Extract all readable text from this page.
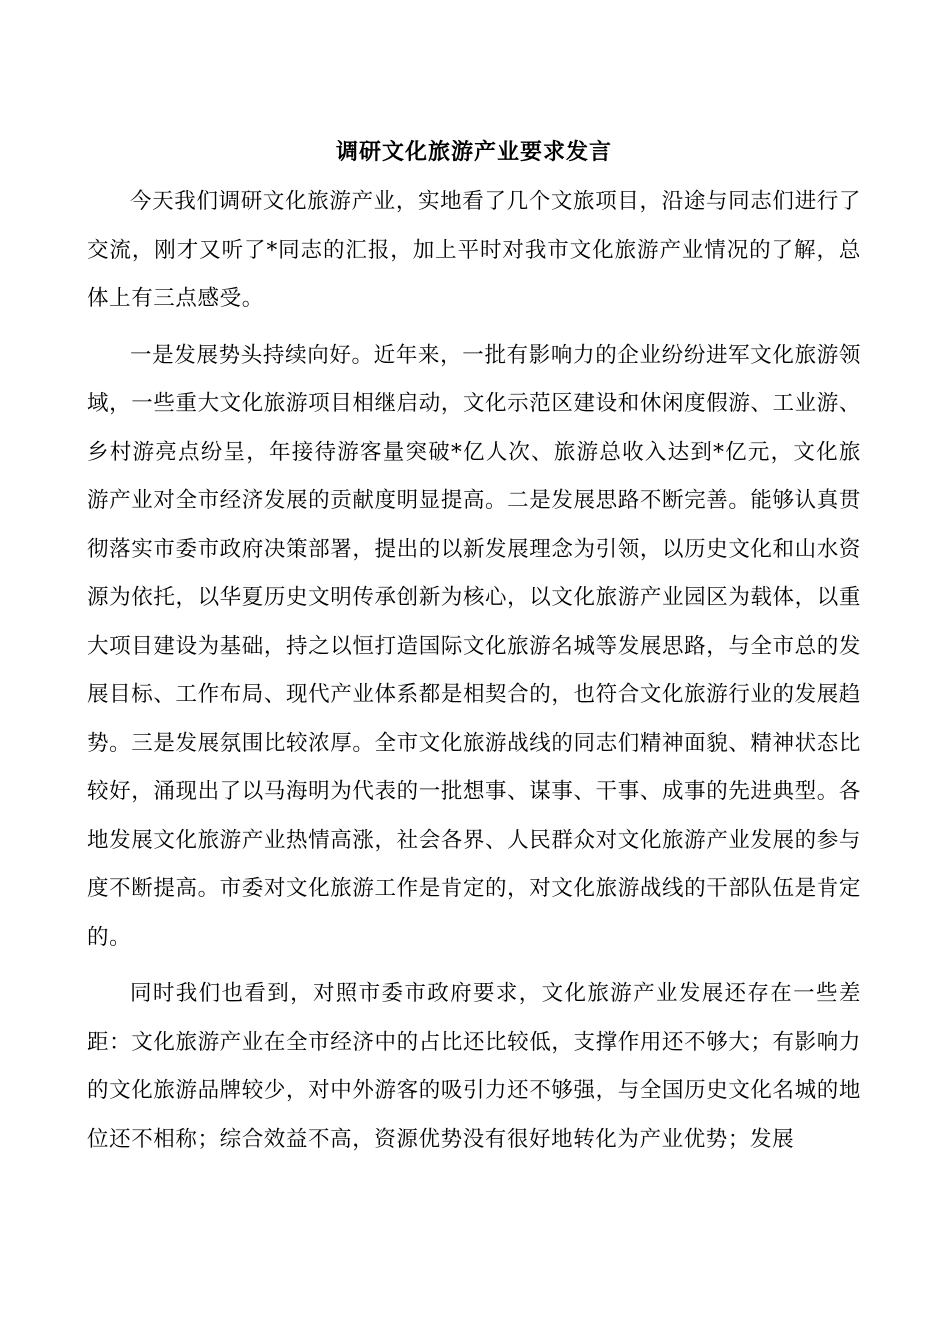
调研文化旅游产业要求发言

今天我们调研文化旅游产业，实地看了几个文旅项目，沿途与同志们进行了交流，刚才又听了*同志的汇报，加上平时对我市文化旅游产业情况的了解，总体上有三点感受。

一是发展势头持续向好。近年来，一批有影响力的企业纷纷进军文化旅游领域，一些重大文化旅游项目相继启动，文化示范区建设和休闲度假游、工业游、乡村游亮点纷呈，年接待游客量突破*亿人次、旅游总收入达到*亿元，文化旅游产业对全市经济发展的贡献度明显提高。二是发展思路不断完善。能够认真贯彻落实市委市政府决策部署，提出的以新发展理念为引领，以历史文化和山水资源为依托，以华夏历史文明传承创新为核心，以文化旅游产业园区为载体，以重大项目建设为基础，持之以恒打造国际文化旅游名城等发展思路，与全市总的发展目标、工作布局、现代产业体系都是相契合的，也符合文化旅游行业的发展趋势。三是发展氛围比较浓厚。全市文化旅游战线的同志们精神面貌、精神状态比较好，涌现出了以马海明为代表的一批想事、谋事、干事、成事的先进典型。各地发展文化旅游产业热情高涨，社会各界、人民群众对文化旅游产业发展的参与度不断提高。市委对文化旅游工作是肯定的，对文化旅游战线的干部队伍是肯定的。

同时我们也看到，对照市委市政府要求，文化旅游产业发展还存在一些差距：文化旅游产业在全市经济中的占比还比较低，支撑作用还不够大；有影响力的文化旅游品牌较少，对中外游客的吸引力还不够强，与全国历史文化名城的地位还不相称；综合效益不高，资源优势没有很好地转化为产业优势；发展
